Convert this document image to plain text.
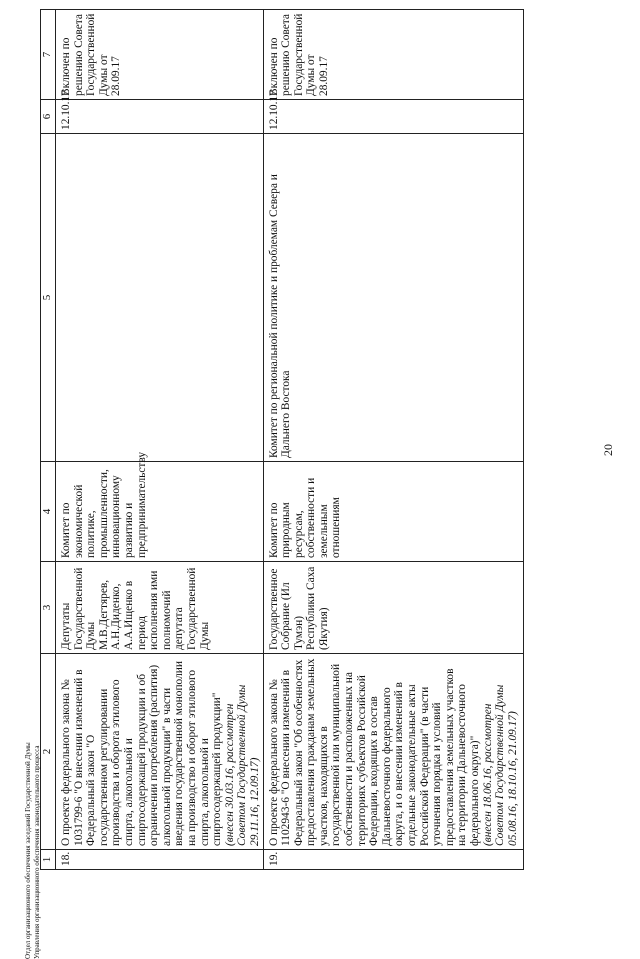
20
1	2	3	4	5	6	7
18.	О проекте федерального закона № 1031799-6 "О внесении изменений в Федеральный закон "О государственном регулировании производства и оборота этилового спирта, алкогольной и спиртосодержащей продукции и об ограничении потребления (распития) алкогольной продукции" в части введения государственной монополии на производство и оборот этилового спирта, алкогольной и спиртосодержащей продукции"
(внесен 30.03.16, рассмотрен Советом Государственной Думы 29.11.16, 12.09.17)	Депутаты Государственной Думы М.В.Дегтярев, А.Н.Диденко, А.А.Ищенко в период исполнения ими полномочий депутата Государственной Думы	Комитет по экономической политике, промышленности, инновационному развитию и предпринимательству		12.10.17	Включен по решению Совета Государственной Думы от 28.09.17
19.	О проекте федерального закона № 1102943-6 "О внесении изменений в Федеральный закон "Об особенностях предоставления гражданам земельных участков, находящихся в государственной или муниципальной собственности и расположенных на территориях субъектов Российской Федерации, входящих в состав Дальневосточного федерального округа, и о внесении изменений в отдельные законодательные акты Российской Федерации" (в части уточнения порядка и условий предоставления земельных участков на территории Дальневосточного федерального округа)"
(внесен 18.06.16, рассмотрен Советом Государственной Думы 05.08.16, 18.10.16, 21.09.17)	Государственное Собрание (Ил Тумэн) Республики Саха (Якутия)	Комитет по природным ресурсам, собственности и земельным отношениям	Комитет по региональной политике и проблемам Севера и Дальнего Востока	12.10.17	Включен по решению Совета Государственной Думы от 28.09.17
Отдел организационного обеспечения заседаний Государственной Думы Управления организационного обеспечения законодательного процесса
